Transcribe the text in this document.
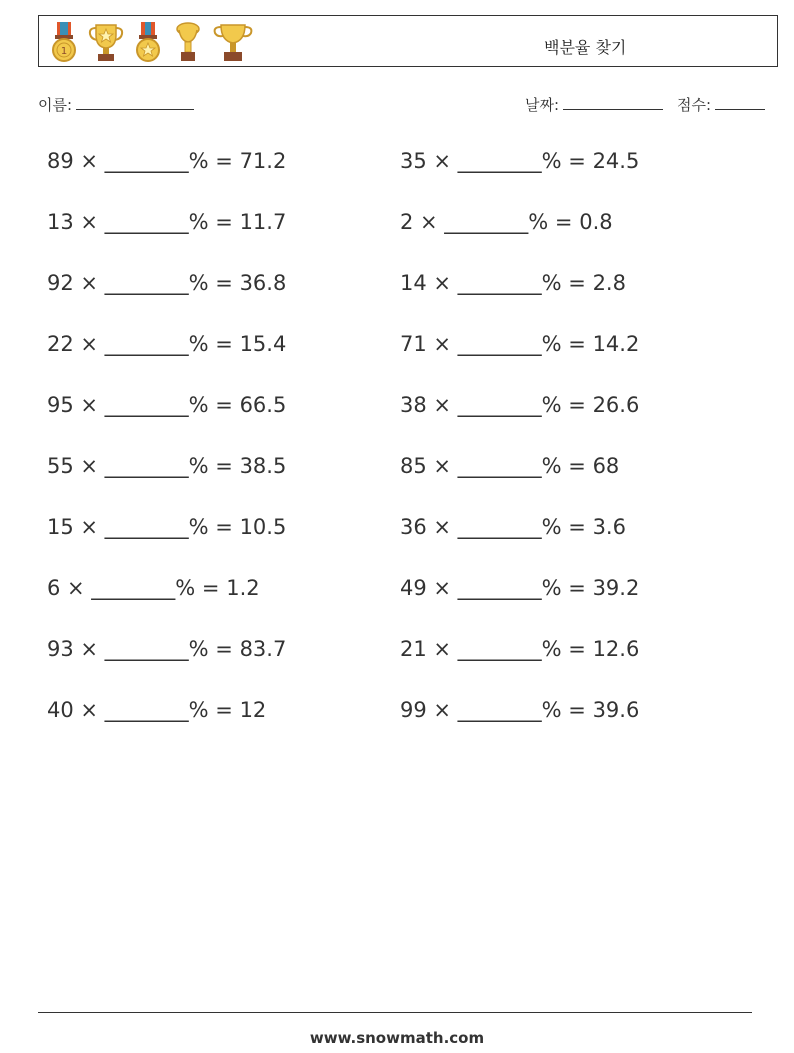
1	백분율 찾기
이름:	날짜:	점수:
89 × ________% = 71.2	35 × ________% = 24.5
13 × ________% = 11.7	2 × ________% = 0.8
92 × ________% = 36.8	14 × ________% = 2.8
22 × ________% = 15.4	71 × ________% = 14.2
95 × ________% = 66.5	38 × ________% = 26.6
55 × ________% = 38.5	85 × ________% = 68
15 × ________% = 10.5	36 × ________% = 3.6
6 × ________% = 1.2	49 × ________% = 39.2
93 × ________% = 83.7	21 × ________% = 12.6
40 × ________% = 12	99 × ________% = 39.6
www.snowmath.com
